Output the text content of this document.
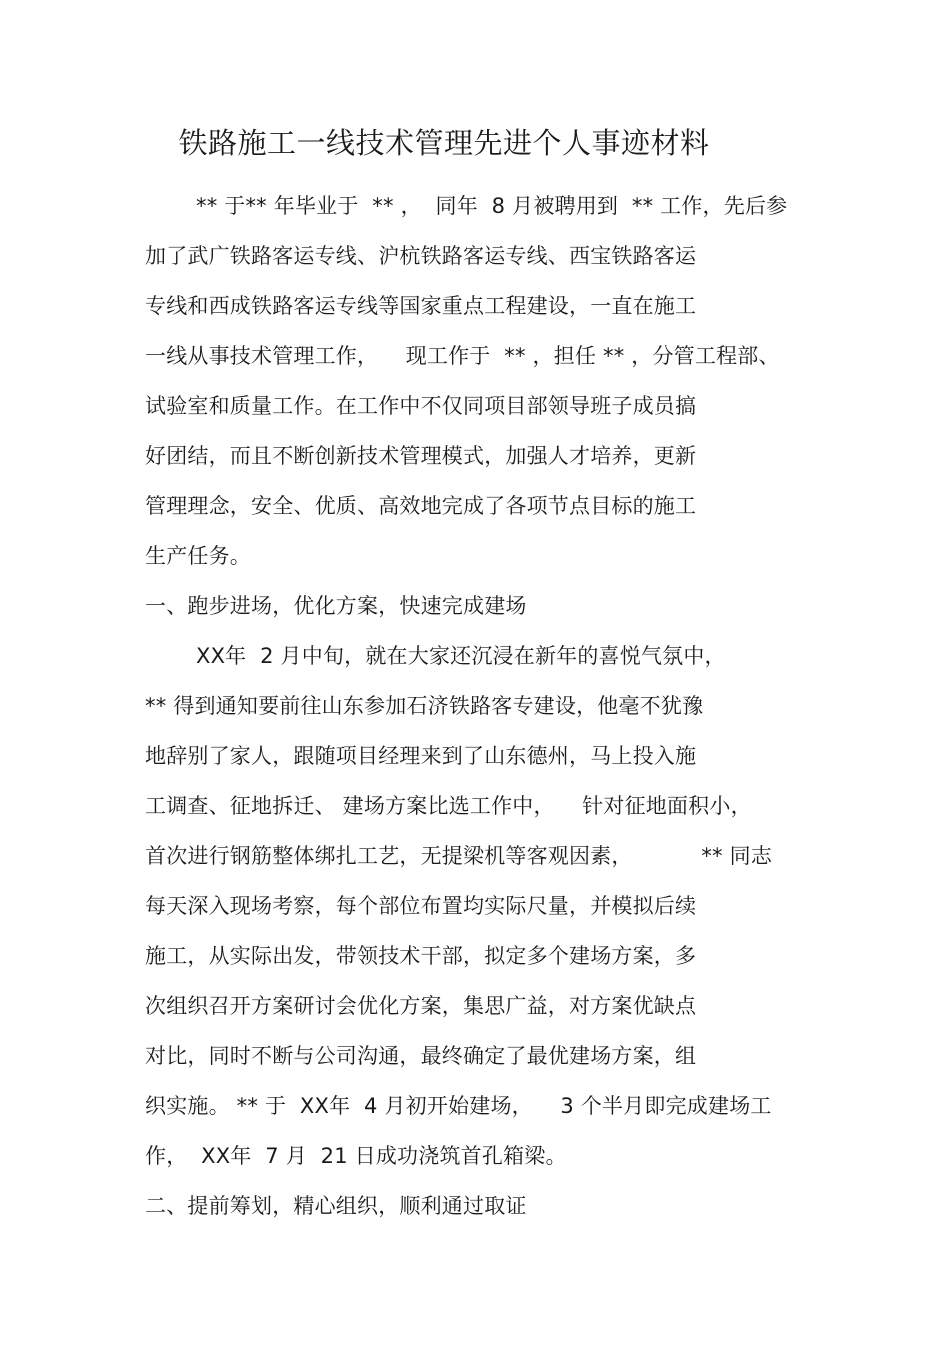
铁路施工一线技术管理先进个人事迹材料
** 于** 年毕业于  ** ，  同年  8 月被聘用到  ** 工作，先后参
加了武广铁路客运专线、沪杭铁路客运专线、西宝铁路客运
专线和西成铁路客运专线等国家重点工程建设，一直在施工
一线从事技术管理工作，    现工作于  ** ，担任 ** ，分管工程部、
试验室和质量工作。在工作中不仅同项目部领导班子成员搞
好团结，而且不断创新技术管理模式，加强人才培养，更新
管理理念，安全、优质、高效地完成了各项节点目标的施工
生产任务。
一、跑步进场，优化方案，快速完成建场
XX年  2 月中旬，就在大家还沉浸在新年的喜悦气氛中，
** 得到通知要前往山东参加石济铁路客专建设，他毫不犹豫
地辞别了家人，跟随项目经理来到了山东德州，马上投入施
工调查、征地拆迁、 建场方案比选工作中，    针对征地面积小，
首次进行钢筋整体绑扎工艺，无提梁机等客观因素，          ** 同志
每天深入现场考察，每个部位布置均实际尺量，并模拟后续
施工，从实际出发，带领技术干部，拟定多个建场方案，多
次组织召开方案研讨会优化方案，集思广益，对方案优缺点
对比，同时不断与公司沟通，最终确定了最优建场方案，组
织实施。 ** 于  XX年  4 月初开始建场，    3 个半月即完成建场工
作，  XX年  7 月  21 日成功浇筑首孔箱梁。
二、提前筹划，精心组织，顺利通过取证
